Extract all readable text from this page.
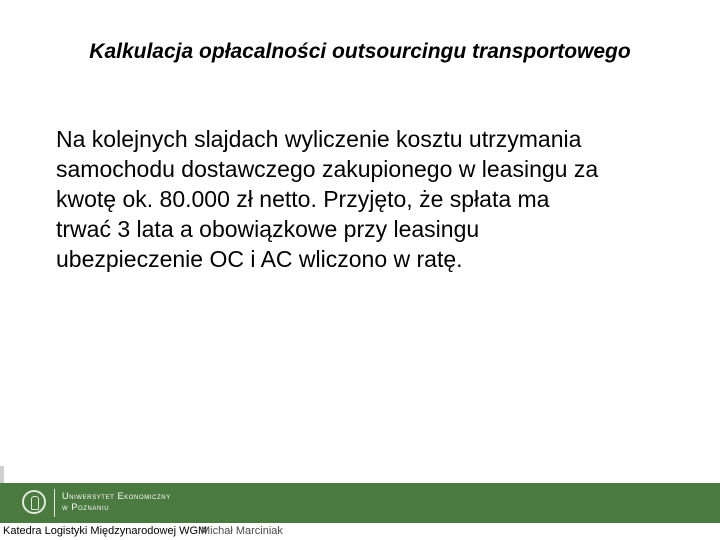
Kalkulacja opłacalności outsourcingu transportowego
Na kolejnych slajdach wyliczenie kosztu utrzymania
samochodu dostawczego zakupionego w leasingu za
kwotę ok. 80.000 zł netto. Przyjęto, że spłata ma
trwać 3 lata a obowiązkowe przy leasingu
ubezpieczenie OC i AC wliczono w ratę.
Uniwersytet Ekonomiczny
w Poznaniu
Katedra Logistyki Międzynarodowej WGM
Michał Marciniak
